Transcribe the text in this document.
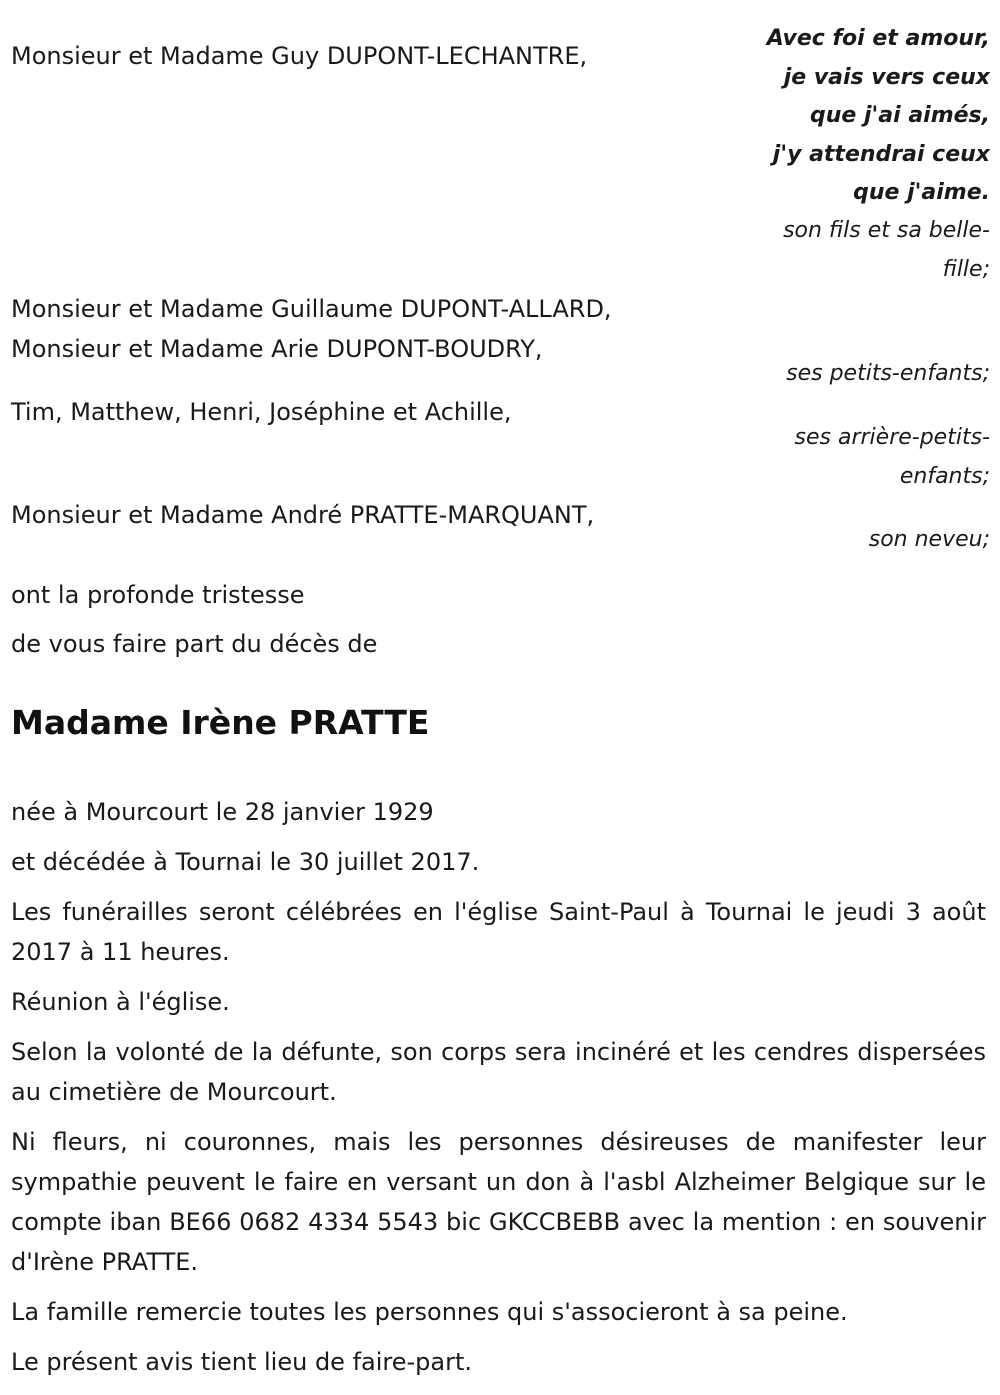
Avec foi et amour,
je vais vers ceux
que j'ai aimés,
j'y attendrai ceux
que j'aime.
Monsieur et Madame Guy DUPONT-LECHANTRE,
son fils et sa belle-
fille;
Monsieur et Madame Guillaume DUPONT-ALLARD,
Monsieur et Madame Arie DUPONT-BOUDRY,
ses petits-enfants;
Tim, Matthew, Henri, Joséphine et Achille,
ses arrière-petits-
enfants;
Monsieur et Madame André PRATTE-MARQUANT,
son neveu;
ont la profonde tristesse
de vous faire part du décès de
Madame Irène PRATTE

née à Mourcourt le 28 janvier 1929

et décédée à Tournai le 30 juillet 2017.

Les funérailles seront célébrées en l'église Saint-Paul à Tournai le jeudi 3 août 2017 à 11 heures.

Réunion à l'église.

Selon la volonté de la défunte, son corps sera incinéré et les cendres dispersées au cimetière de Mourcourt.

Ni fleurs, ni couronnes, mais les personnes désireuses de manifester leur sympathie peuvent le faire en versant un don à l'asbl Alzheimer Belgique sur le compte iban BE66 0682 4334 5543 bic GKCCBEBB avec la mention : en souvenir d'Irène PRATTE.

La famille remercie toutes les personnes qui s'associeront à sa peine.

Le présent avis tient lieu de faire-part.
